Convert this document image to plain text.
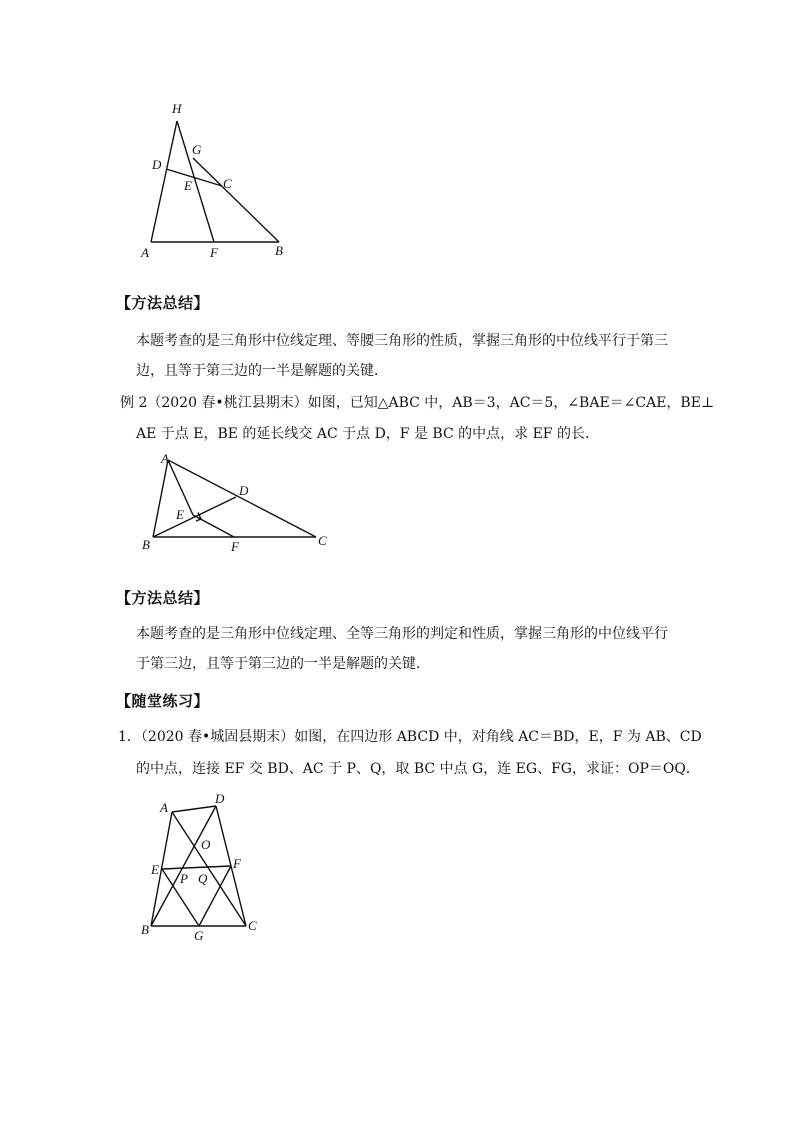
H
G
D
E C
A	F	B
【方法总结】
本题考查的是三角形中位线定理、等腰三角形的性质，掌握三角形的中位线平行于第三
边，且等于第三边的一半是解题的关键．
例 2（2020 春•桃江县期末）如图，已知△ABC 中，AB＝3，AC＝5，∠BAE＝∠CAE，BE⊥
AE 于点 E，BE 的延长线交 AC 于点 D，F 是 BC 的中点，求 EF 的长．
A
D
E
B	F	C
【方法总结】
本题考查的是三角形中位线定理、全等三角形的判定和性质，掌握三角形的中位线平行
于第三边，且等于第三边的一半是解题的关键．
【随堂练习】
1．（2020 春•城固县期末）如图，在四边形 ABCD 中，对角线 AC＝BD，E，F 为 AB、CD
的中点，连接 EF 交 BD、AC 于 P、Q，取 BC 中点 G，连 EG、FG，求证：OP＝OQ．
A
D
O
E	F
P Q
B	G
C
